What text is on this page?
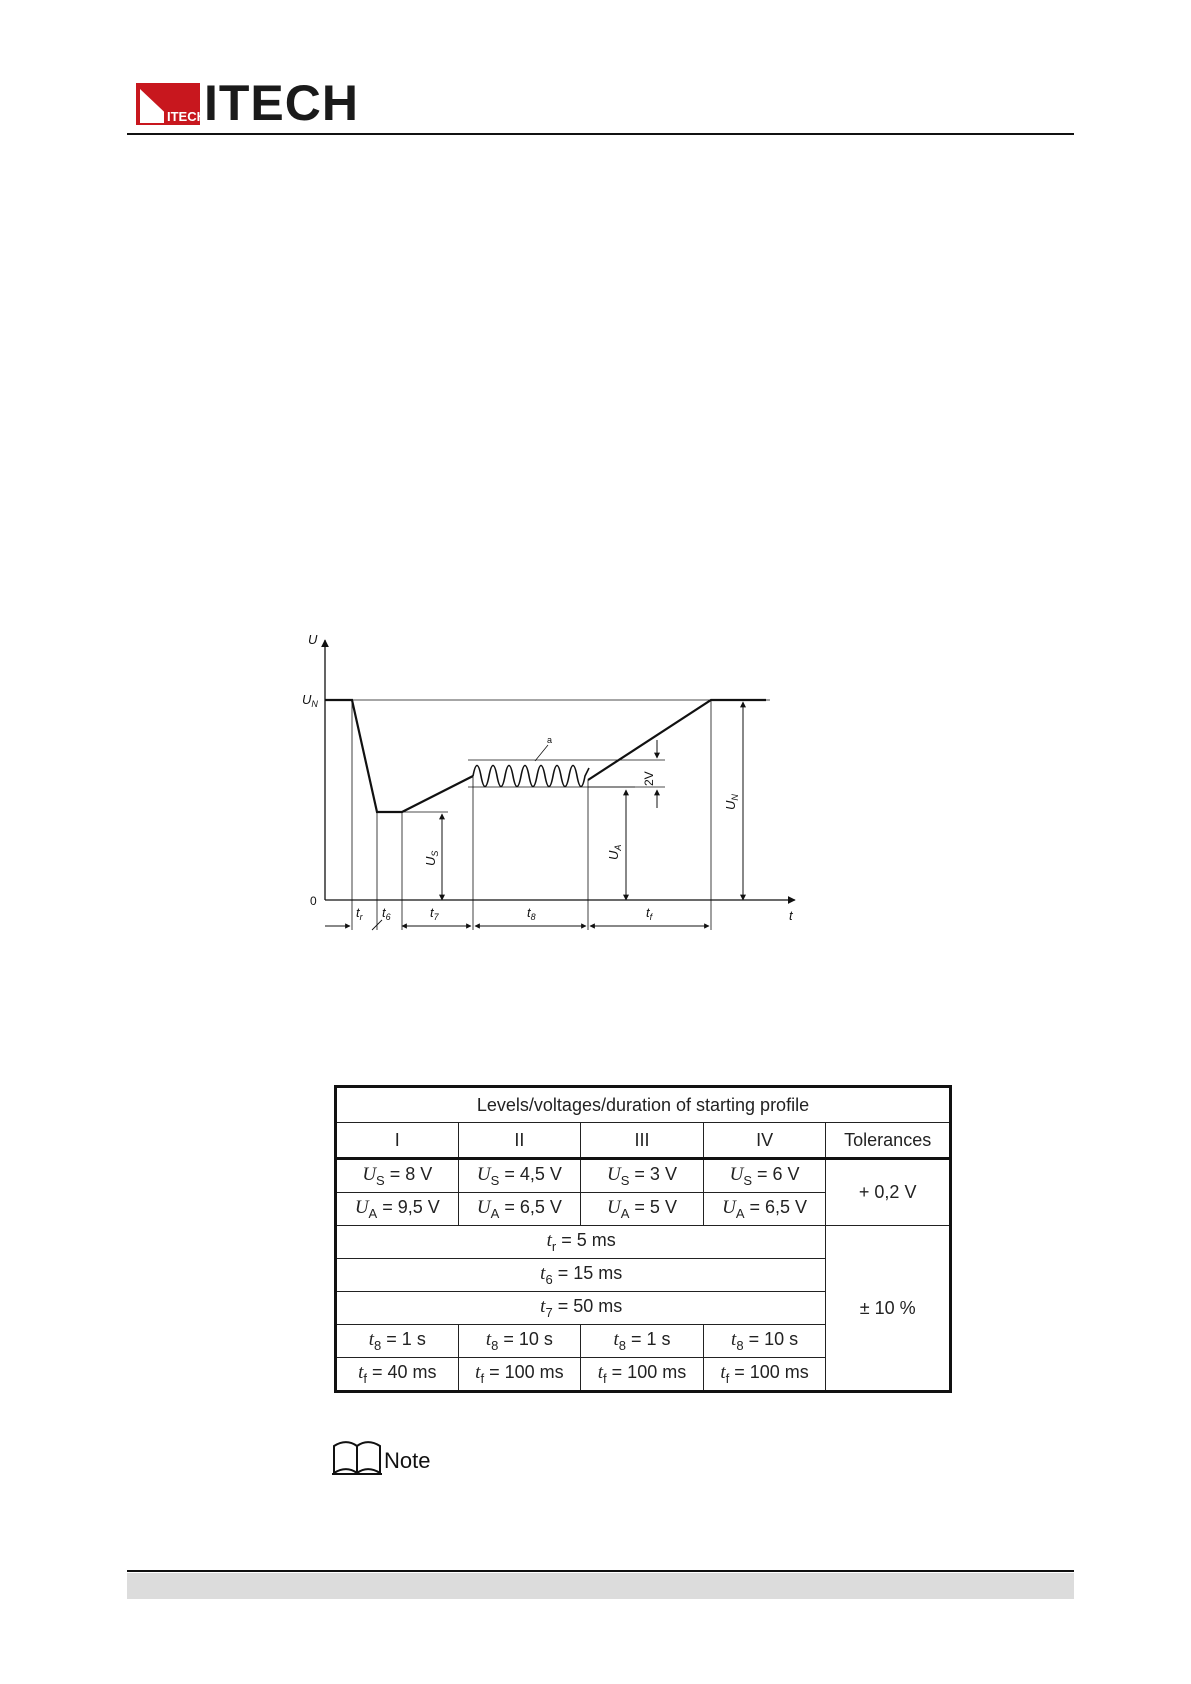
ITECH
ITECH
a
2V
$U_S$	$U_A$
$U_N$
U
$U_N$
0
t
$t_r$ $t_6$	$t_7$	$t_8$	$t_f$
Levels/voltages/duration of starting profile				
I	II	III	IV	Tolerances
$U_S = 8$ V	$U_S = 4,5$ V	$U_S = 3$ V	$U_S = 6$ V	+ 0,2 V
$U_A = 9,5$ V	$U_A = 6,5$ V	$U_A = 5$ V	$U_A = 6,5$ V	
$t_r = 5$ ms				± 10 %
$t_6 = 15$ ms				
$t_7 = 50$ ms				
$t_8 = 1$ s	$t_8 = 10$ s	$t_8 = 1$ s	$t_8 = 10$ s	
$t_f = 40$ ms	$t_f = 100$ ms	$t_f = 100$ ms	$t_f = 100$ ms	
Note
